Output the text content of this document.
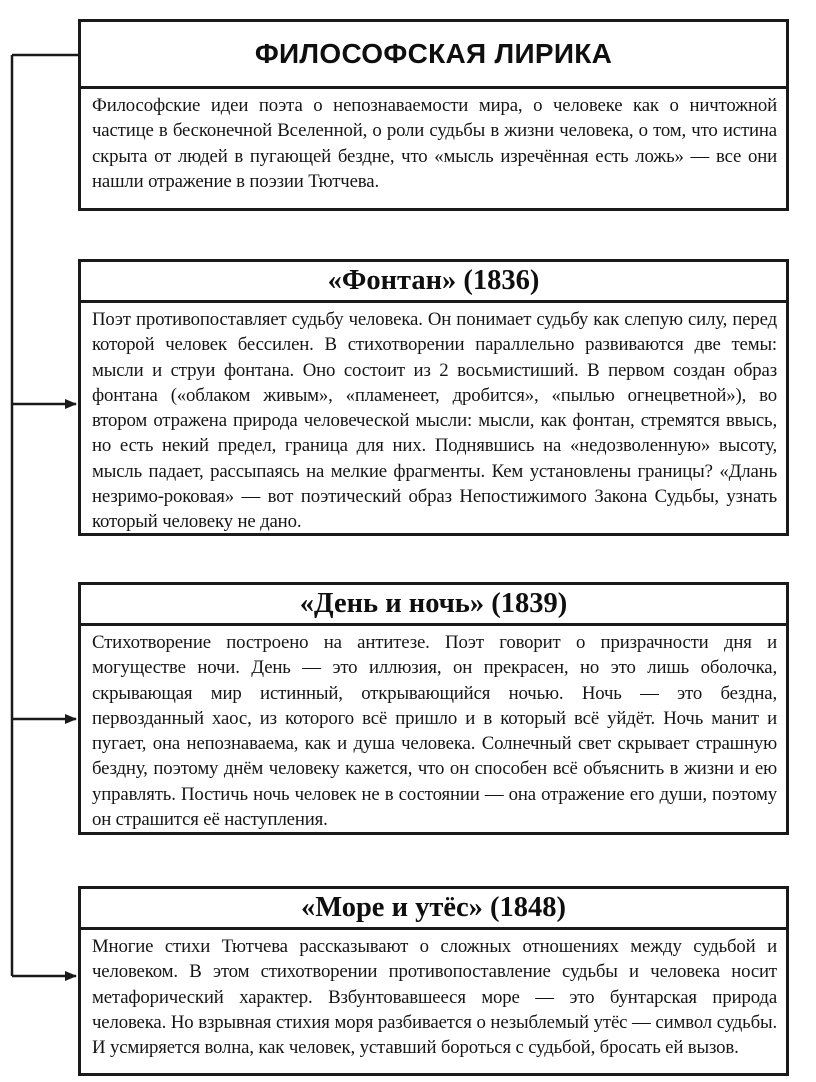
ФИЛОСОФСКАЯ ЛИРИКА
Философские идеи поэта о непознаваемости мира, о человеке как о ничтожной частице в бесконечной Вселенной, о роли судьбы в жизни человека, о том, что истина скрыта от людей в пугающей бездне, что «мысль изречённая есть ложь» — все они нашли отражение в поэзии Тютчева.
«Фонтан» (1836)
Поэт противопоставляет судьбу человека. Он понимает судьбу как слепую силу, перед которой человек бессилен. В стихотворении параллельно развиваются две темы: мысли и струи фонтана. Оно состоит из 2 восьмистиший. В первом создан образ фонтана («облаком живым», «пламенеет, дробится», «пылью огнецветной»), во втором отражена природа человеческой мысли: мысли, как фонтан, стремятся ввысь, но есть некий предел, граница для них. Поднявшись на «недозволенную» высоту, мысль падает, рассыпаясь на мелкие фрагменты. Кем установлены границы? «Длань незримо-роковая» — вот поэтический образ Непостижимого Закона Судьбы, узнать который человеку не дано.
«День и ночь» (1839)
Стихотворение построено на антитезе. Поэт говорит о призрачности дня и могуществе ночи. День — это иллюзия, он прекрасен, но это лишь оболочка, скрывающая мир истинный, открывающийся ночью. Ночь — это бездна, первозданный хаос, из которого всё пришло и в который всё уйдёт. Ночь манит и пугает, она непознаваема, как и душа человека. Солнечный свет скрывает страшную бездну, поэтому днём человеку кажется, что он способен всё объяснить в жизни и ею управлять. Постичь ночь человек не в состоянии — она отражение его души, поэтому он страшится её наступления.
«Море и утёс» (1848)
Многие стихи Тютчева рассказывают о сложных отношениях между судьбой и человеком. В этом стихотворении противопоставление судьбы и человека носит метафорический характер. Взбунтовавшееся море — это бунтарская природа человека. Но взрывная стихия моря разбивается о незыблемый утёс — символ судьбы. И усмиряется волна, как человек, уставший бороться с судьбой, бросать ей вызов.
